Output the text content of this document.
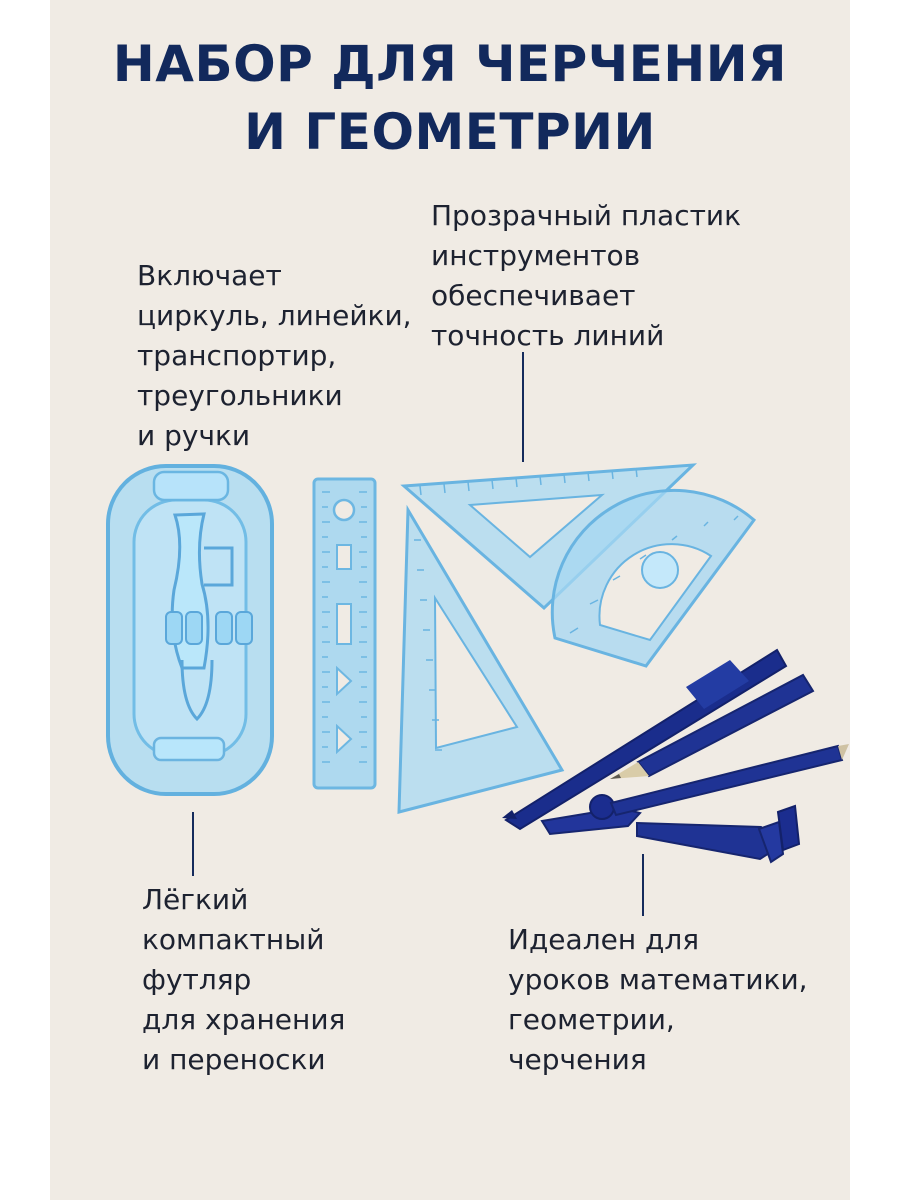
НАБОР ДЛЯ ЧЕРЧЕНИЯ
И ГЕОМЕТРИИ
Включает
циркуль, линейки,
транспортир,
треугольники
и ручки
Прозрачный пластик
инструментов
обеспечивает
точность линий
Лёгкий
компактный
футляр
для хранения
и переноски
Идеален для
уроков математики,
геометрии,
черчения
